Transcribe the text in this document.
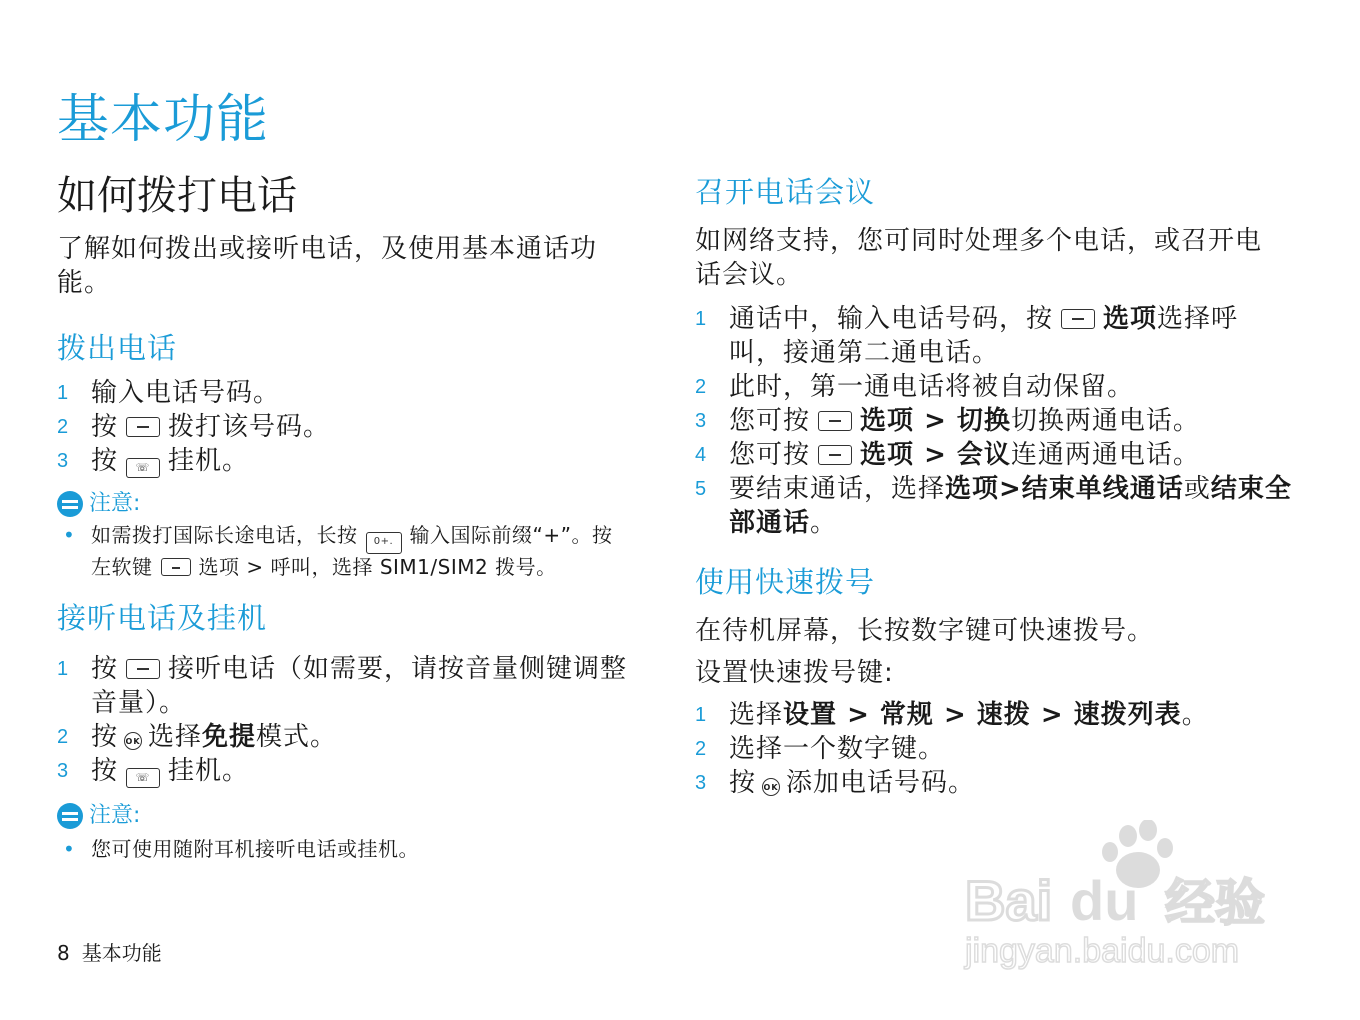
基本功能
如何拨打电话

了解如何拨出或接听电话，及使用基本通话功能。

拨出电话
1 输入电话号码。
2 按 拨打该号码。
3 按 ☏ 挂机。
注意:
• 如需拨打国际长途电话，长按 0+. 输入国际前缀“+”。按
左软键 选项 > 呼叫，选择 SIM1/SIM2 拨号。
接听电话及挂机
1 按 接听电话（如需要，请按音量侧键调整
音量）。
2 按 OK 选择免提模式。
3 按 ☏ 挂机。
注意:
• 您可使用随附耳机接听电话或挂机。
召开电话会议

如网络支持，您可同时处理多个电话，或召开电话会议。

1 通话中，输入电话号码，按 选项选择呼
叫，接通第二通电话。
2 此时，第一通电话将被自动保留。
3 您可按 选项 > 切换切换两通电话。
4 您可按 选项 > 会议连通两通电话。
5 要结束通话，选择选项>结束单线通话或结束全部通话。
使用快速拨号

在待机屏幕，长按数字键可快速拨号。

设置快速拨号键:

1 选择设置 > 常规 > 速拨 > 速拨列表。
2 选择一个数字键。
3 按 OK 添加电话号码。
8 基本功能
Bai du 经验
jingyan.baidu.com
